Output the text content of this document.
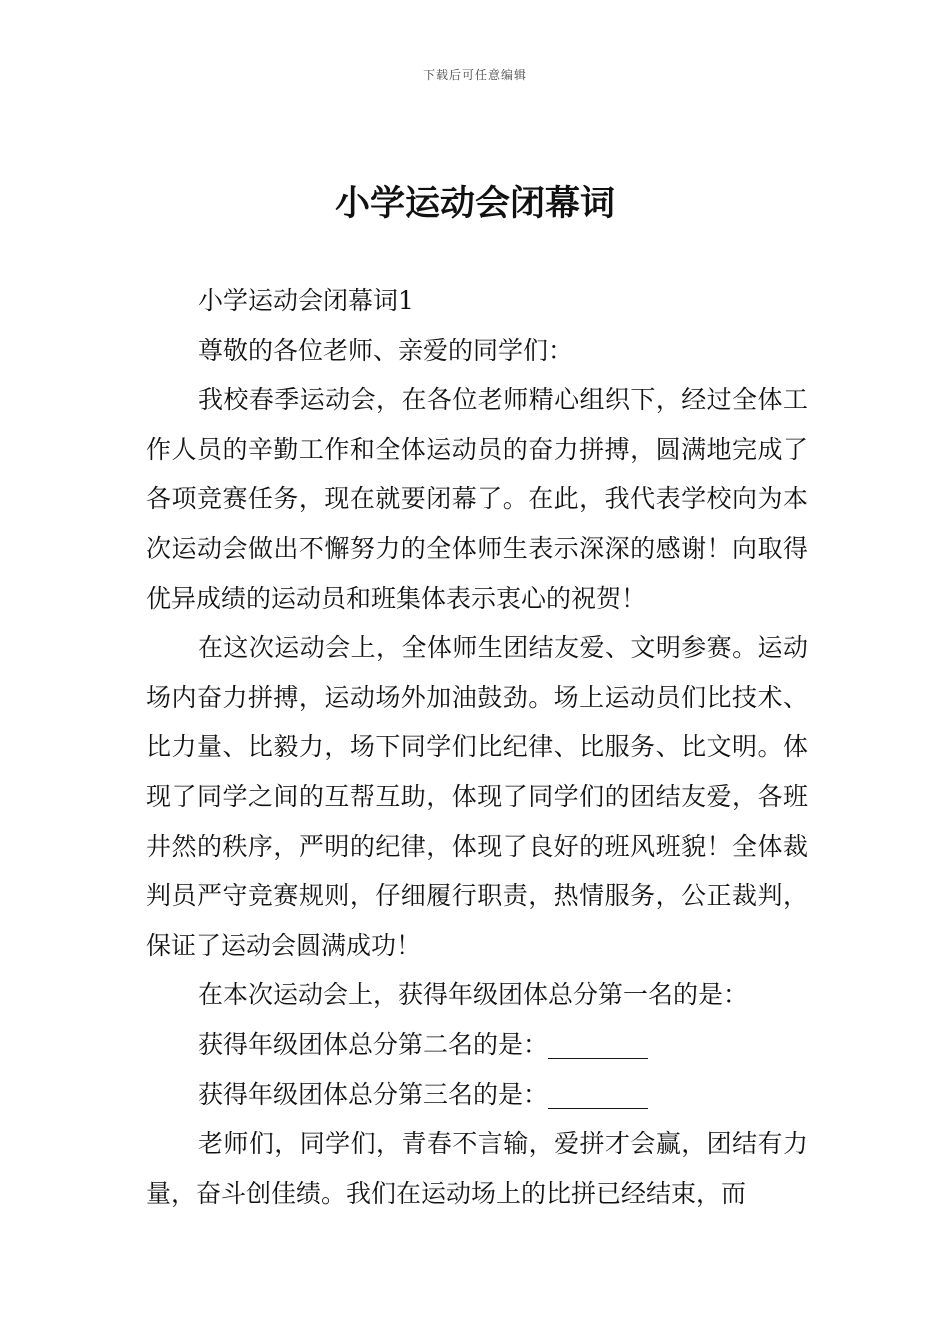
下载后可任意编辑
小学运动会闭幕词

小学运动会闭幕词1

尊敬的各位老师、亲爱的同学们：

我校春季运动会，在各位老师精心组织下，经过全体工作人员的辛勤工作和全体运动员的奋力拼搏，圆满地完成了各项竞赛任务，现在就要闭幕了。在此，我代表学校向为本次运动会做出不懈努力的全体师生表示深深的感谢！向取得优异成绩的运动员和班集体表示衷心的祝贺！

在这次运动会上，全体师生团结友爱、文明参赛。运动场内奋力拼搏，运动场外加油鼓劲。场上运动员们比技术、比力量、比毅力，场下同学们比纪律、比服务、比文明。体现了同学之间的互帮互助，体现了同学们的团结友爱，各班井然的秩序，严明的纪律，体现了良好的班风班貌！全体裁判员严守竞赛规则，仔细履行职责，热情服务，公正裁判，保证了运动会圆满成功！

在本次运动会上，获得年级团体总分第一名的是：

获得年级团体总分第二名的是：________

获得年级团体总分第三名的是：________

老师们，同学们，青春不言输，爱拼才会赢，团结有力量，奋斗创佳绩。我们在运动场上的比拼已经结束，而
